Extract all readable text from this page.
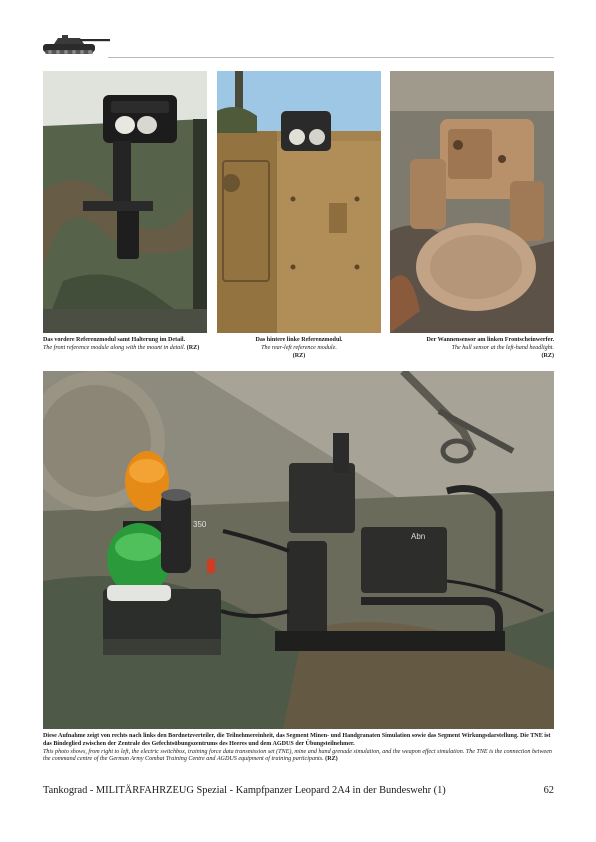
Abn
350
Das vordere Referenzmodul samt Halterung im Detail.
The front reference module along with the mount in detail. (RZ)
Das hintere linke Referenzmodul.
The rear-left reference module.
(RZ)
Der Wannensensor am linken Frontscheinwerfer.
The hull sensor at the left-hand headlight.
(RZ)
Diese Aufnahme zeigt von rechts nach links den Bordnetzverteiler, die Teilnehmereinheit, das Segment Minen- und Handgranaten Simulation sowie das Segment Wirkungsdarstellung. Die TNE ist das Bindeglied zwischen der Zentrale des Gefechtsübungszentrums des Heeres und dem AGDUS der Übungsteilnehmer.
This photo shows, from right to left, the electric switchbox, training force data transmission set (TNE), mine and hand grenade simulation, and the weapon effect simulation. The TNE is the connection between the command centre of the German Army Combat Training Centre and AGDUS equipment of training participants. (RZ)
Tankograd - MILITÄRFAHRZEUG Spezial - Kampfpanzer Leopard 2A4 in der Bundeswehr (1)	62
